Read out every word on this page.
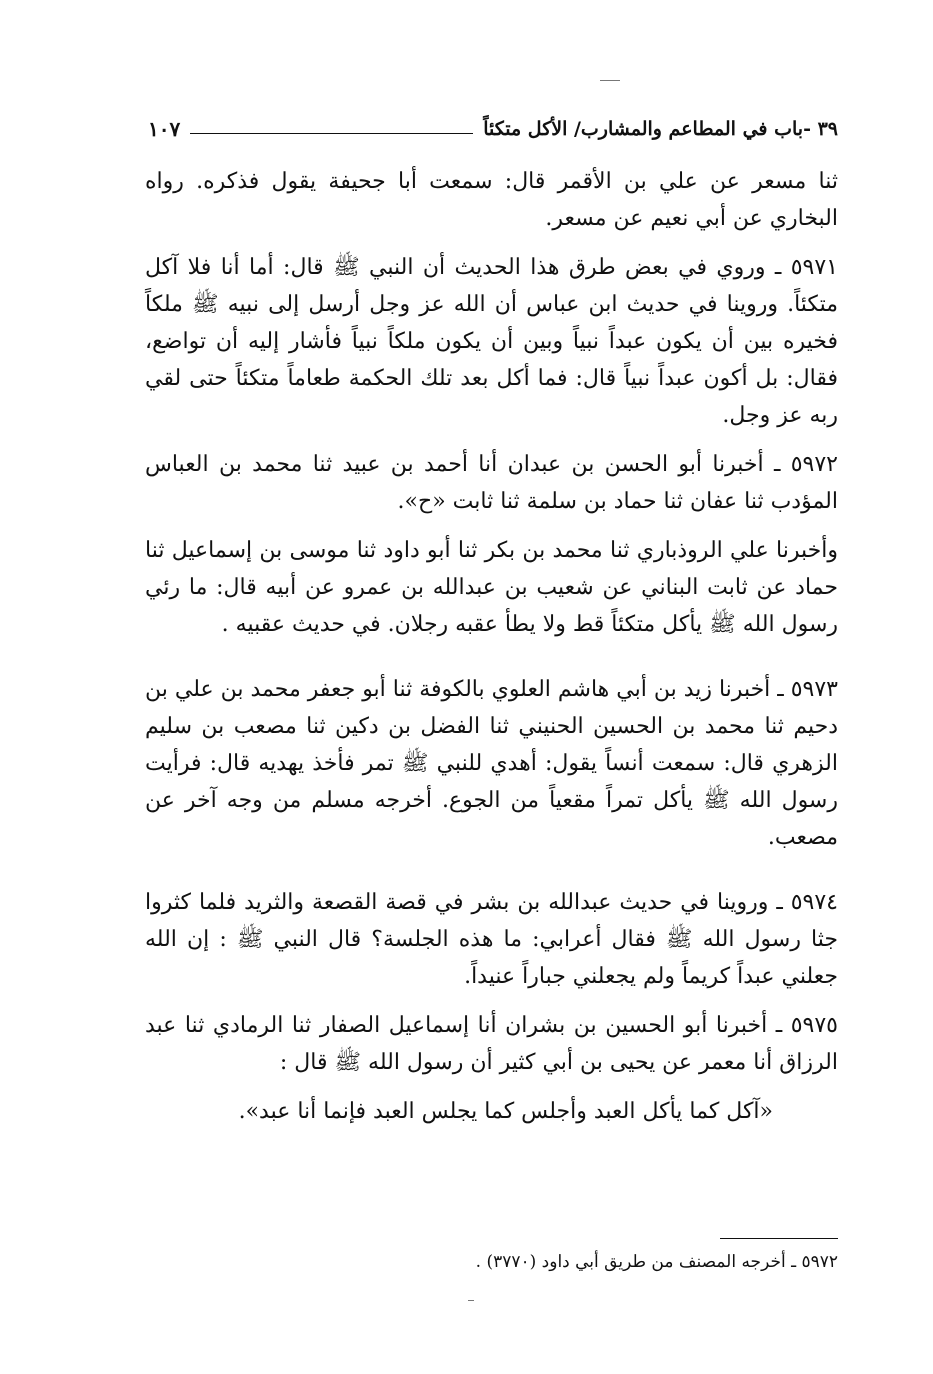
٣٩ -باب في المطاعم والمشارب/ الأكل متكئاً
١٠٧

ثنا مسعر عن علي بن الأقمر قال: سمعت أبا جحيفة يقول فذكره. رواه البخاري عن أبي نعيم عن مسعر.

٥٩٧١ ـ وروي في بعض طرق هذا الحديث أن النبي ﷺ قال: أما أنا فلا آكل متكئاً. وروينا في حديث ابن عباس أن الله عز وجل أرسل إلى نبيه ﷺ ملكاً فخيره بين أن يكون عبداً نبياً وبين أن يكون ملكاً نبياً فأشار إليه أن تواضع، فقال: بل أكون عبداً نبياً قال: فما أكل بعد تلك الحكمة طعاماً متكئاً حتى لقي ربه عز وجل.

٥٩٧٢ ـ أخبرنا أبو الحسن بن عبدان أنا أحمد بن عبيد ثنا محمد بن العباس المؤدب ثنا عفان ثنا حماد بن سلمة ثنا ثابت «ح».

وأخبرنا علي الروذباري ثنا محمد بن بكر ثنا أبو داود ثنا موسى بن إسماعيل ثنا حماد عن ثابت البناني عن شعيب بن عبدالله بن عمرو عن أبيه قال: ما رئي رسول الله ﷺ يأكل متكئاً قط ولا يطأ عقبه رجلان. في حديث عقبيه .

٥٩٧٣ ـ أخبرنا زيد بن أبي هاشم العلوي بالكوفة ثنا أبو جعفر محمد بن علي بن دحيم ثنا محمد بن الحسين الحنيني ثنا الفضل بن دكين ثنا مصعب بن سليم الزهري قال: سمعت أنساً يقول: أهدي للنبي ﷺ تمر فأخذ يهديه قال: فرأيت رسول الله ﷺ يأكل تمراً مقعياً من الجوع. أخرجه مسلم من وجه آخر عن مصعب.

٥٩٧٤ ـ وروينا في حديث عبدالله بن بشر في قصة القصعة والثريد فلما كثروا جثا رسول الله ﷺ فقال أعرابي: ما هذه الجلسة؟ قال النبي ﷺ : إن الله جعلني عبداً كريماً ولم يجعلني جباراً عنيداً.

٥٩٧٥ ـ أخبرنا أبو الحسين بن بشران أنا إسماعيل الصفار ثنا الرمادي ثنا عبد الرزاق أنا معمر عن يحيى بن أبي كثير أن رسول الله ﷺ قال :

«آكل كما يأكل العبد وأجلس كما يجلس العبد فإنما أنا عبد».

٥٩٧٢ ـ أخرجه المصنف من طريق أبي داود (٣٧٧٠) .
